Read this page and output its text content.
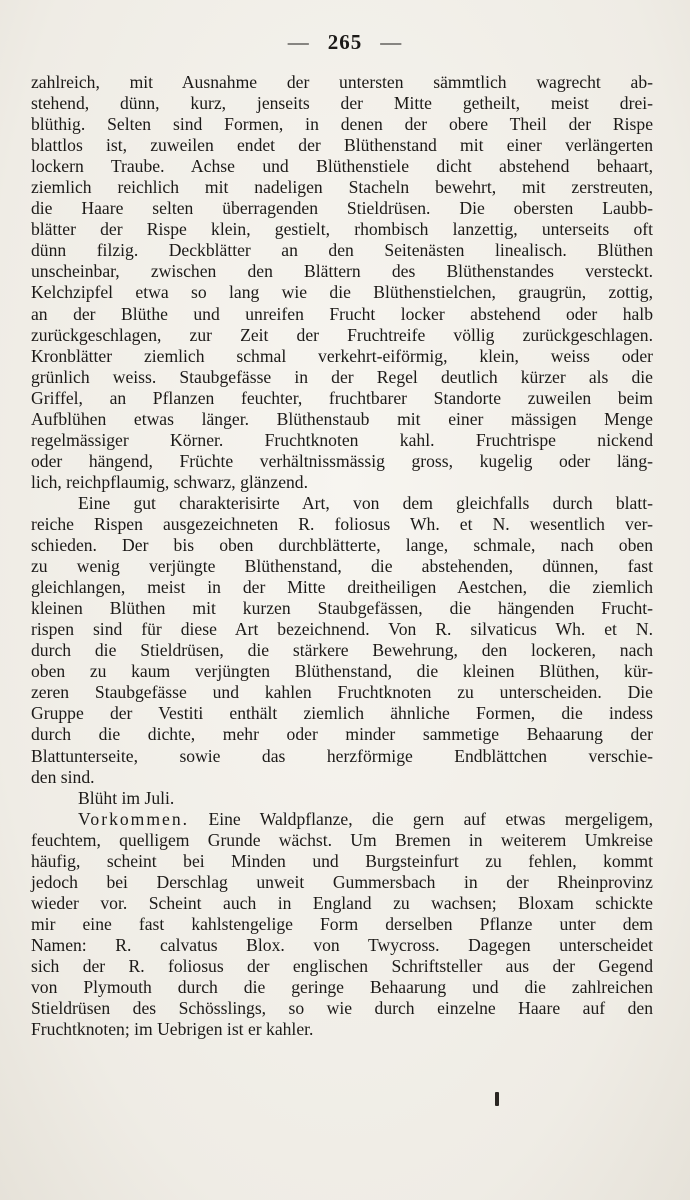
— 265 —
zahlreich, mit Ausnahme der untersten sämmtlich wagrecht ab-
stehend, dünn, kurz, jenseits der Mitte getheilt, meist drei-
blüthig. Selten sind Formen, in denen der obere Theil der Rispe
blattlos ist, zuweilen endet der Blüthenstand mit einer verlängerten
lockern Traube. Achse und Blüthenstiele dicht abstehend behaart,
ziemlich reichlich mit nadeligen Stacheln bewehrt, mit zerstreuten,
die Haare selten überragenden Stieldrüsen. Die obersten Laubb-
blätter der Rispe klein, gestielt, rhombisch lanzettig, unterseits oft
dünn filzig. Deckblätter an den Seitenästen linealisch. Blüthen
unscheinbar, zwischen den Blättern des Blüthenstandes versteckt.
Kelchzipfel etwa so lang wie die Blüthenstielchen, graugrün, zottig,
an der Blüthe und unreifen Frucht locker abstehend oder halb
zurückgeschlagen, zur Zeit der Fruchtreife völlig zurückgeschlagen.
Kronblätter ziemlich schmal verkehrt-eiförmig, klein, weiss oder
grünlich weiss. Staubgefässe in der Regel deutlich kürzer als die
Griffel, an Pflanzen feuchter, fruchtbarer Standorte zuweilen beim
Aufblühen etwas länger. Blüthenstaub mit einer mässigen Menge
regelmässiger Körner. Fruchtknoten kahl. Fruchtrispe nickend
oder hängend, Früchte verhältnissmässig gross, kugelig oder läng-
lich, reichpflaumig, schwarz, glänzend.
Eine gut charakterisirte Art, von dem gleichfalls durch blatt-
reiche Rispen ausgezeichneten R. foliosus Wh. et N. wesentlich ver-
schieden. Der bis oben durchblätterte, lange, schmale, nach oben
zu wenig verjüngte Blüthenstand, die abstehenden, dünnen, fast
gleichlangen, meist in der Mitte dreitheiligen Aestchen, die ziemlich
kleinen Blüthen mit kurzen Staubgefässen, die hängenden Frucht-
rispen sind für diese Art bezeichnend. Von R. silvaticus Wh. et N.
durch die Stieldrüsen, die stärkere Bewehrung, den lockeren, nach
oben zu kaum verjüngten Blüthenstand, die kleinen Blüthen, kür-
zeren Staubgefässe und kahlen Fruchtknoten zu unterscheiden. Die
Gruppe der Vestiti enthält ziemlich ähnliche Formen, die indess
durch die dichte, mehr oder minder sammetige Behaarung der
Blattunterseite, sowie das herzförmige Endblättchen verschie-
den sind.
Blüht im Juli.
Vorkommen. Eine Waldpflanze, die gern auf etwas mergeligem,
feuchtem, quelligem Grunde wächst. Um Bremen in weiterem Umkreise
häufig, scheint bei Minden und Burgsteinfurt zu fehlen, kommt
jedoch bei Derschlag unweit Gummersbach in der Rheinprovinz
wieder vor. Scheint auch in England zu wachsen; Bloxam schickte
mir eine fast kahlstengelige Form derselben Pflanze unter dem
Namen: R. calvatus Blox. von Twycross. Dagegen unterscheidet
sich der R. foliosus der englischen Schriftsteller aus der Gegend
von Plymouth durch die geringe Behaarung und die zahlreichen
Stieldrüsen des Schösslings, so wie durch einzelne Haare auf den
Fruchtknoten; im Uebrigen ist er kahler.
